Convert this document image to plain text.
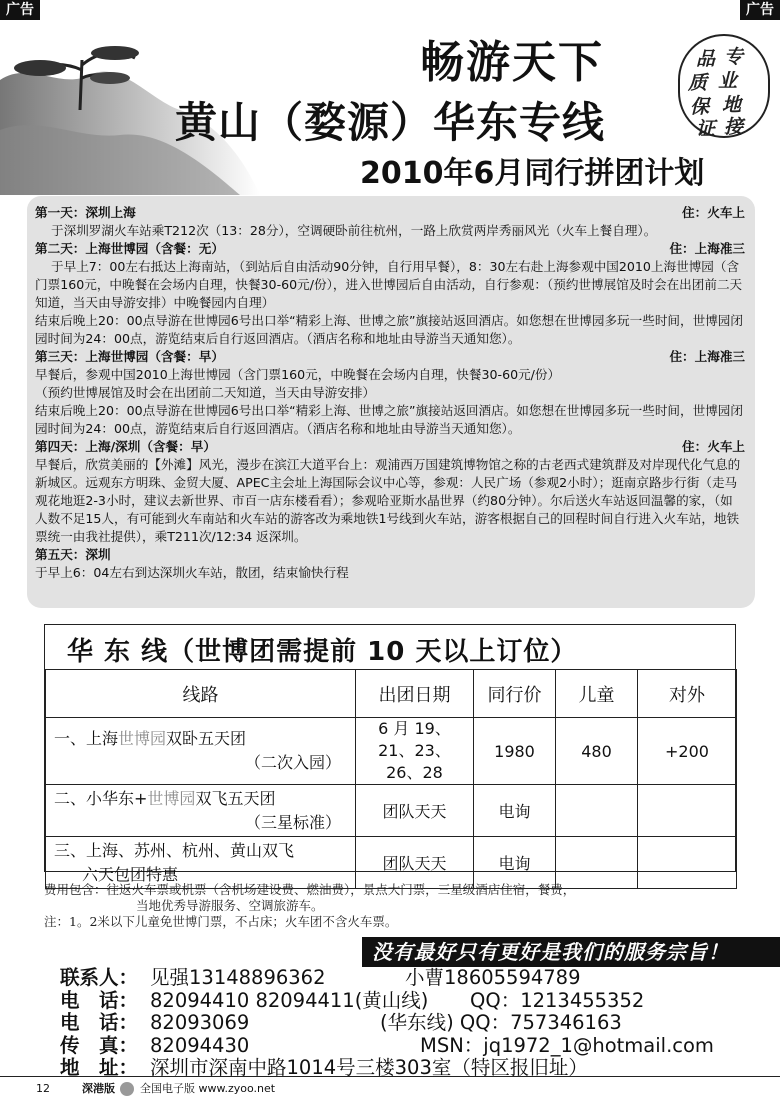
广告	广告
畅游天下	品 专
质 业
保 地
证 接
黄山（婺源）华东专线
2010年6月同行拼团计划
第一天：深圳上海	住：火车上
于深圳罗湖火车站乘T212次（13：28分），空调硬卧前往杭州，一路上欣赏两岸秀丽风光（火车上餐自理）。
第二天：上海世博园（含餐：无）	住：上海准三
于早上7：00左右抵达上海南站，（到站后自由活动90分钟，自行用早餐），8：30左右赴上海参观中国2010上海世博园（含门票160元，中晚餐在会场内自理，快餐30-60元/份），进入世博园后自由活动，自行参观：（预约世博展馆及时会在出团前二天知道，当天由导游安排）中晚餐园内自理）
结束后晚上20：00点导游在世博园6号出口举“精彩上海、世博之旅”旗接站返回酒店。如您想在世博园多玩一些时间，世博园闭园时间为24：00点，游览结束后自行返回酒店。（酒店名称和地址由导游当天通知您）。
第三天：上海世博园（含餐：早）	住：上海准三
早餐后，参观中国2010上海世博园（含门票160元，中晚餐在会场内自理，快餐30-60元/份）
（预约世博展馆及时会在出团前二天知道，当天由导游安排）
结束后晚上20：00点导游在世博园6号出口举“精彩上海、世博之旅”旗接站返回酒店。如您想在世博园多玩一些时间，世博园闭园时间为24：00点，游览结束后自行返回酒店。（酒店名称和地址由导游当天通知您）。
第四天：上海/深圳（含餐：早）	住：火车上
早餐后，欣赏美丽的【外滩】风光，漫步在滨江大道平台上：观浦西万国建筑博物馆之称的古老西式建筑群及对岸现代化气息的新城区。远观东方明珠、金贸大厦、APEC主会址上海国际会议中心等，参观：人民广场（参观2小时）；逛南京路步行街（走马观花地逛2-3小时，建议去新世界、市百一店东楼看看）；参观哈亚斯水晶世界（约80分钟）。尔后送火车站返回温馨的家，（如人数不足15人，有可能到火车南站和火车站的游客改为乘地铁1号线到火车站，游客根据自己的回程时间自行进入火车站，地铁票统一由我社提供），乘T211次/12:34 返深圳。
第五天：深圳
于早上6：04左右到达深圳火车站，散团，结束愉快行程
华 东 线（世博团需提前 10 天以上订位）
线路	出团日期	同行价	儿童	对外
一、上海世博园双卧五天团
（二次入园）	6 月 19、21、23、26、28	1980	480	+200
二、小华东+世博园双飞五天团
（三星标准）	团队天天	电询		
三、上海、苏州、杭州、黄山双飞
六天包团特惠	团队天天	电询		
费用包含：往返火车票或机票（含机场建设费、燃油费），景点大门票，三星级酒店住宿，餐费，
当地优秀导游服务、空调旅游车。
注：1。2米以下儿童免世博门票，不占床；火车团不含火车票。
没有最好只有更好是我们的服务宗旨！
联系人： 见强13148896362	小曹18605594789
电　话： 82094410 82094411(黄山线) QQ：1213455352
电　话： 82093069	(华东线) QQ：757346163
传　真： 82094430	MSN：jq1972_1@hotmail.com
地　址： 深圳市深南中路1014号三楼303室（特区报旧址）
12	深港版 全国电子版 www.zyoo.net
